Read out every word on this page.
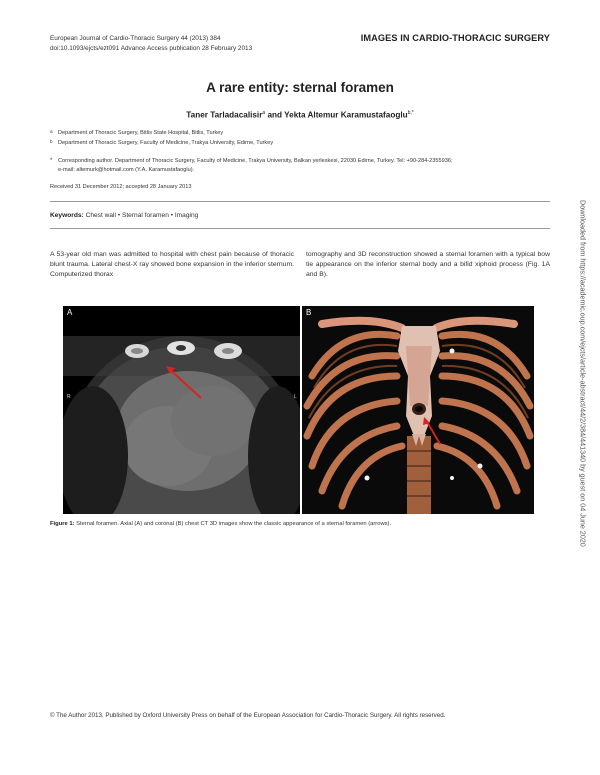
European Journal of Cardio-Thoracic Surgery 44 (2013) 384
doi:10.1093/ejcts/ezt091 Advance Access publication 28 February 2013
IMAGES IN CARDIO-THORACIC SURGERY
A rare entity: sternal foramen
Taner Tarladacalisir$^a$ and Yekta Altemur Karamustafaoglu$^{b,*}$
a Department of Thoracic Surgery, Bitlis State Hospital, Bitlis, Turkey
b Department of Thoracic Surgery, Faculty of Medicine, Trakya University, Edirne, Turkey
* Corresponding author. Department of Thoracic Surgery, Faculty of Medicine, Trakya University, Balkan yerleskesi, 22030 Edirne, Turkey. Tel: +90-284-2355936;
e-mail: altemurk@hotmail.com (Y.A. Karamustafaoglu).
Received 31 December 2012; accepted 28 January 2013
Keywords: Chest wall • Sternal foramen • Imaging
A 53-year old man was admitted to hospital with chest pain because of thoracic blunt trauma. Lateral chest-X ray showed bone expansion in the inferior sternum. Computerized thorax
tomography and 3D reconstruction showed a sternal foramen with a typical bow tie appearance on the inferior sternal body and a bifid xiphoid process (Fig. 1A and B).
A
R	L
B
Figure 1: Sternal foramen. Axial (A) and coronal (B) chest CT 3D images show the classic appearance of a sternal foramen (arrows).	Downloaded from https://academic.oup.com/ejcts/article-abstract/44/2/384/441340 by guest on 04 June 2020
© The Author 2013. Published by Oxford University Press on behalf of the European Association for Cardio-Thoracic Surgery. All rights reserved.
